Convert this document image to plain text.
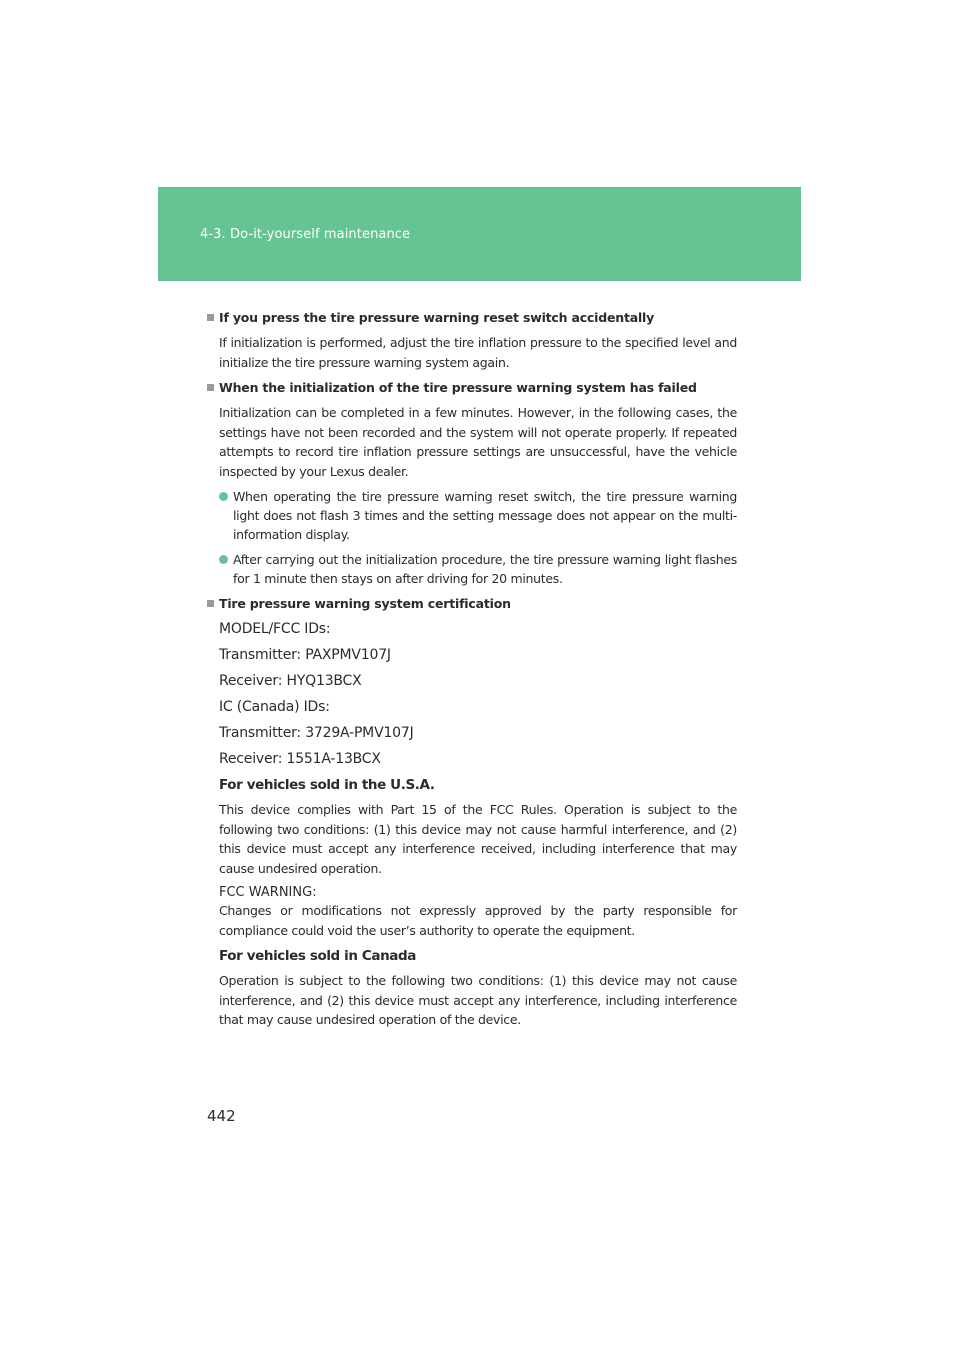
4-3. Do-it-yourself maintenance
If you press the tire pressure warning reset switch accidentally

If initialization is performed, adjust the tire inflation pressure to the specified level and initialize the tire pressure warning system again.

When the initialization of the tire pressure warning system has failed

Initialization can be completed in a few minutes. However, in the following cases, the settings have not been recorded and the system will not operate properly. If repeated attempts to record tire inflation pressure settings are unsuccessful, have the vehicle inspected by your Lexus dealer.

When operating the tire pressure warning reset switch, the tire pressure warning light does not flash 3 times and the setting message does not appear on the multi-information display.
After carrying out the initialization procedure, the tire pressure warning light flashes for 1 minute then stays on after driving for 20 minutes.
Tire pressure warning system certification
MODEL/FCC IDs:
Transmitter: PAXPMV107J
Receiver: HYQ13BCX
IC (Canada) IDs:
Transmitter: 3729A-PMV107J
Receiver: 1551A-13BCX
For vehicles sold in the U.S.A.

This device complies with Part 15 of the FCC Rules. Operation is subject to the following two conditions: (1) this device may not cause harmful interference, and (2) this device must accept any interference received, including interference that may cause undesired operation.

FCC WARNING:

Changes or modifications not expressly approved by the party responsible for compliance could void the user’s authority to operate the equipment.

For vehicles sold in Canada

Operation is subject to the following two conditions: (1) this device may not cause interference, and (2) this device must accept any interference, including interference that may cause undesired operation of the device.

442
